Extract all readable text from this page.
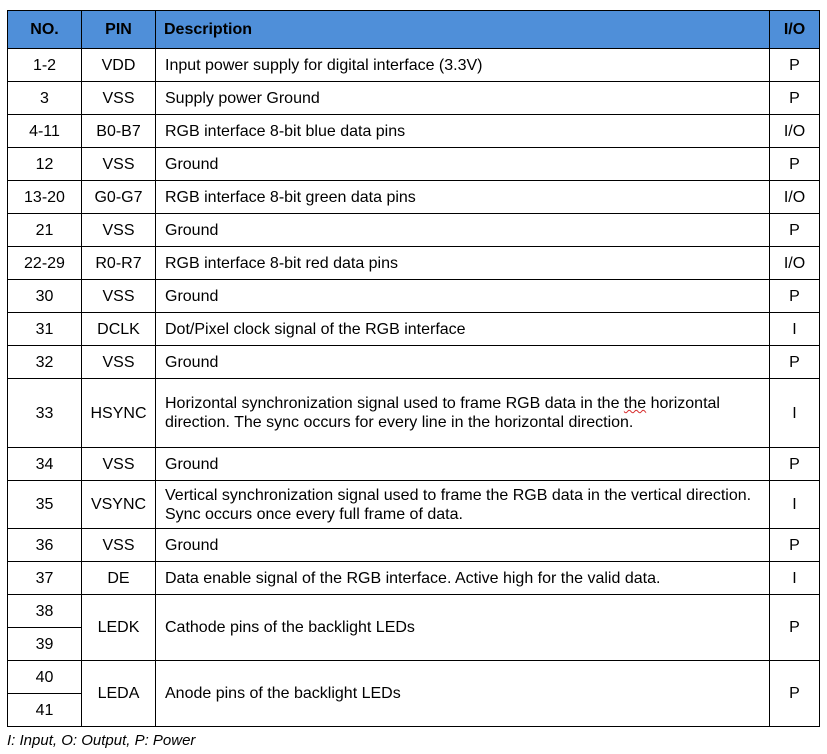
NO.	PIN	Description	I/O
1-2	VDD	Input power supply for digital interface (3.3V)	P
3	VSS	Supply power Ground	P
4-11	B0-B7	RGB interface 8-bit blue data pins	I/O
12	VSS	Ground	P
13-20	G0-G7	RGB interface 8-bit green data pins	I/O
21	VSS	Ground	P
22-29	R0-R7	RGB interface 8-bit red data pins	I/O
30	VSS	Ground	P
31	DCLK	Dot/Pixel clock signal of the RGB interface	I
32	VSS	Ground	P
33	HSYNC	Horizontal synchronization signal used to frame RGB data in the the horizontal direction. The sync occurs for every line in the horizontal direction.	I
34	VSS	Ground	P
35	VSYNC	Vertical synchronization signal used to frame the RGB data in the vertical direction. Sync occurs once every full frame of data.	I
36	VSS	Ground	P
37	DE	Data enable signal of the RGB interface. Active high for the valid data.	I
38	LEDK	Cathode pins of the backlight LEDs	P
39			
40	LEDA	Anode pins of the backlight LEDs	P
41			
I: Input, O: Output, P: Power
